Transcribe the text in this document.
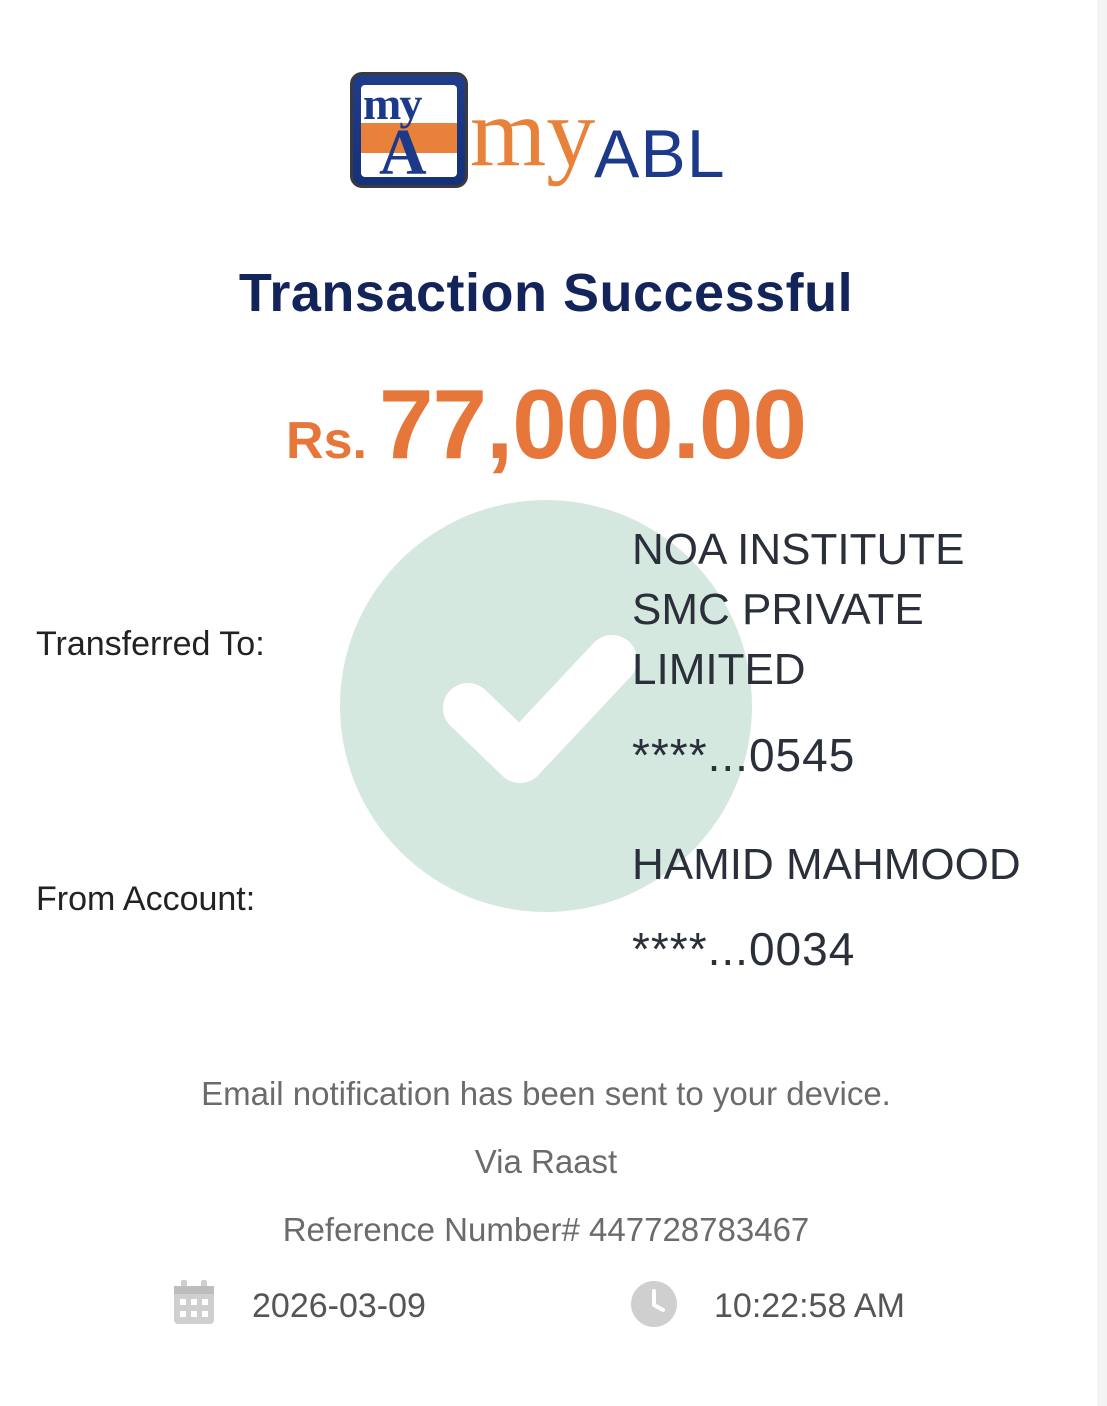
my
A my
ABL
Transaction Successful
Rs. 77,000.00
Transferred To:
NOA INSTITUTE
SMC PRIVATE
LIMITED
****...0545
From Account:
HAMID MAHMOOD
****...0034
Email notification has been sent to your device.
Via Raast
Reference Number# 447728783467
2026-03-09	10:22:58 AM
